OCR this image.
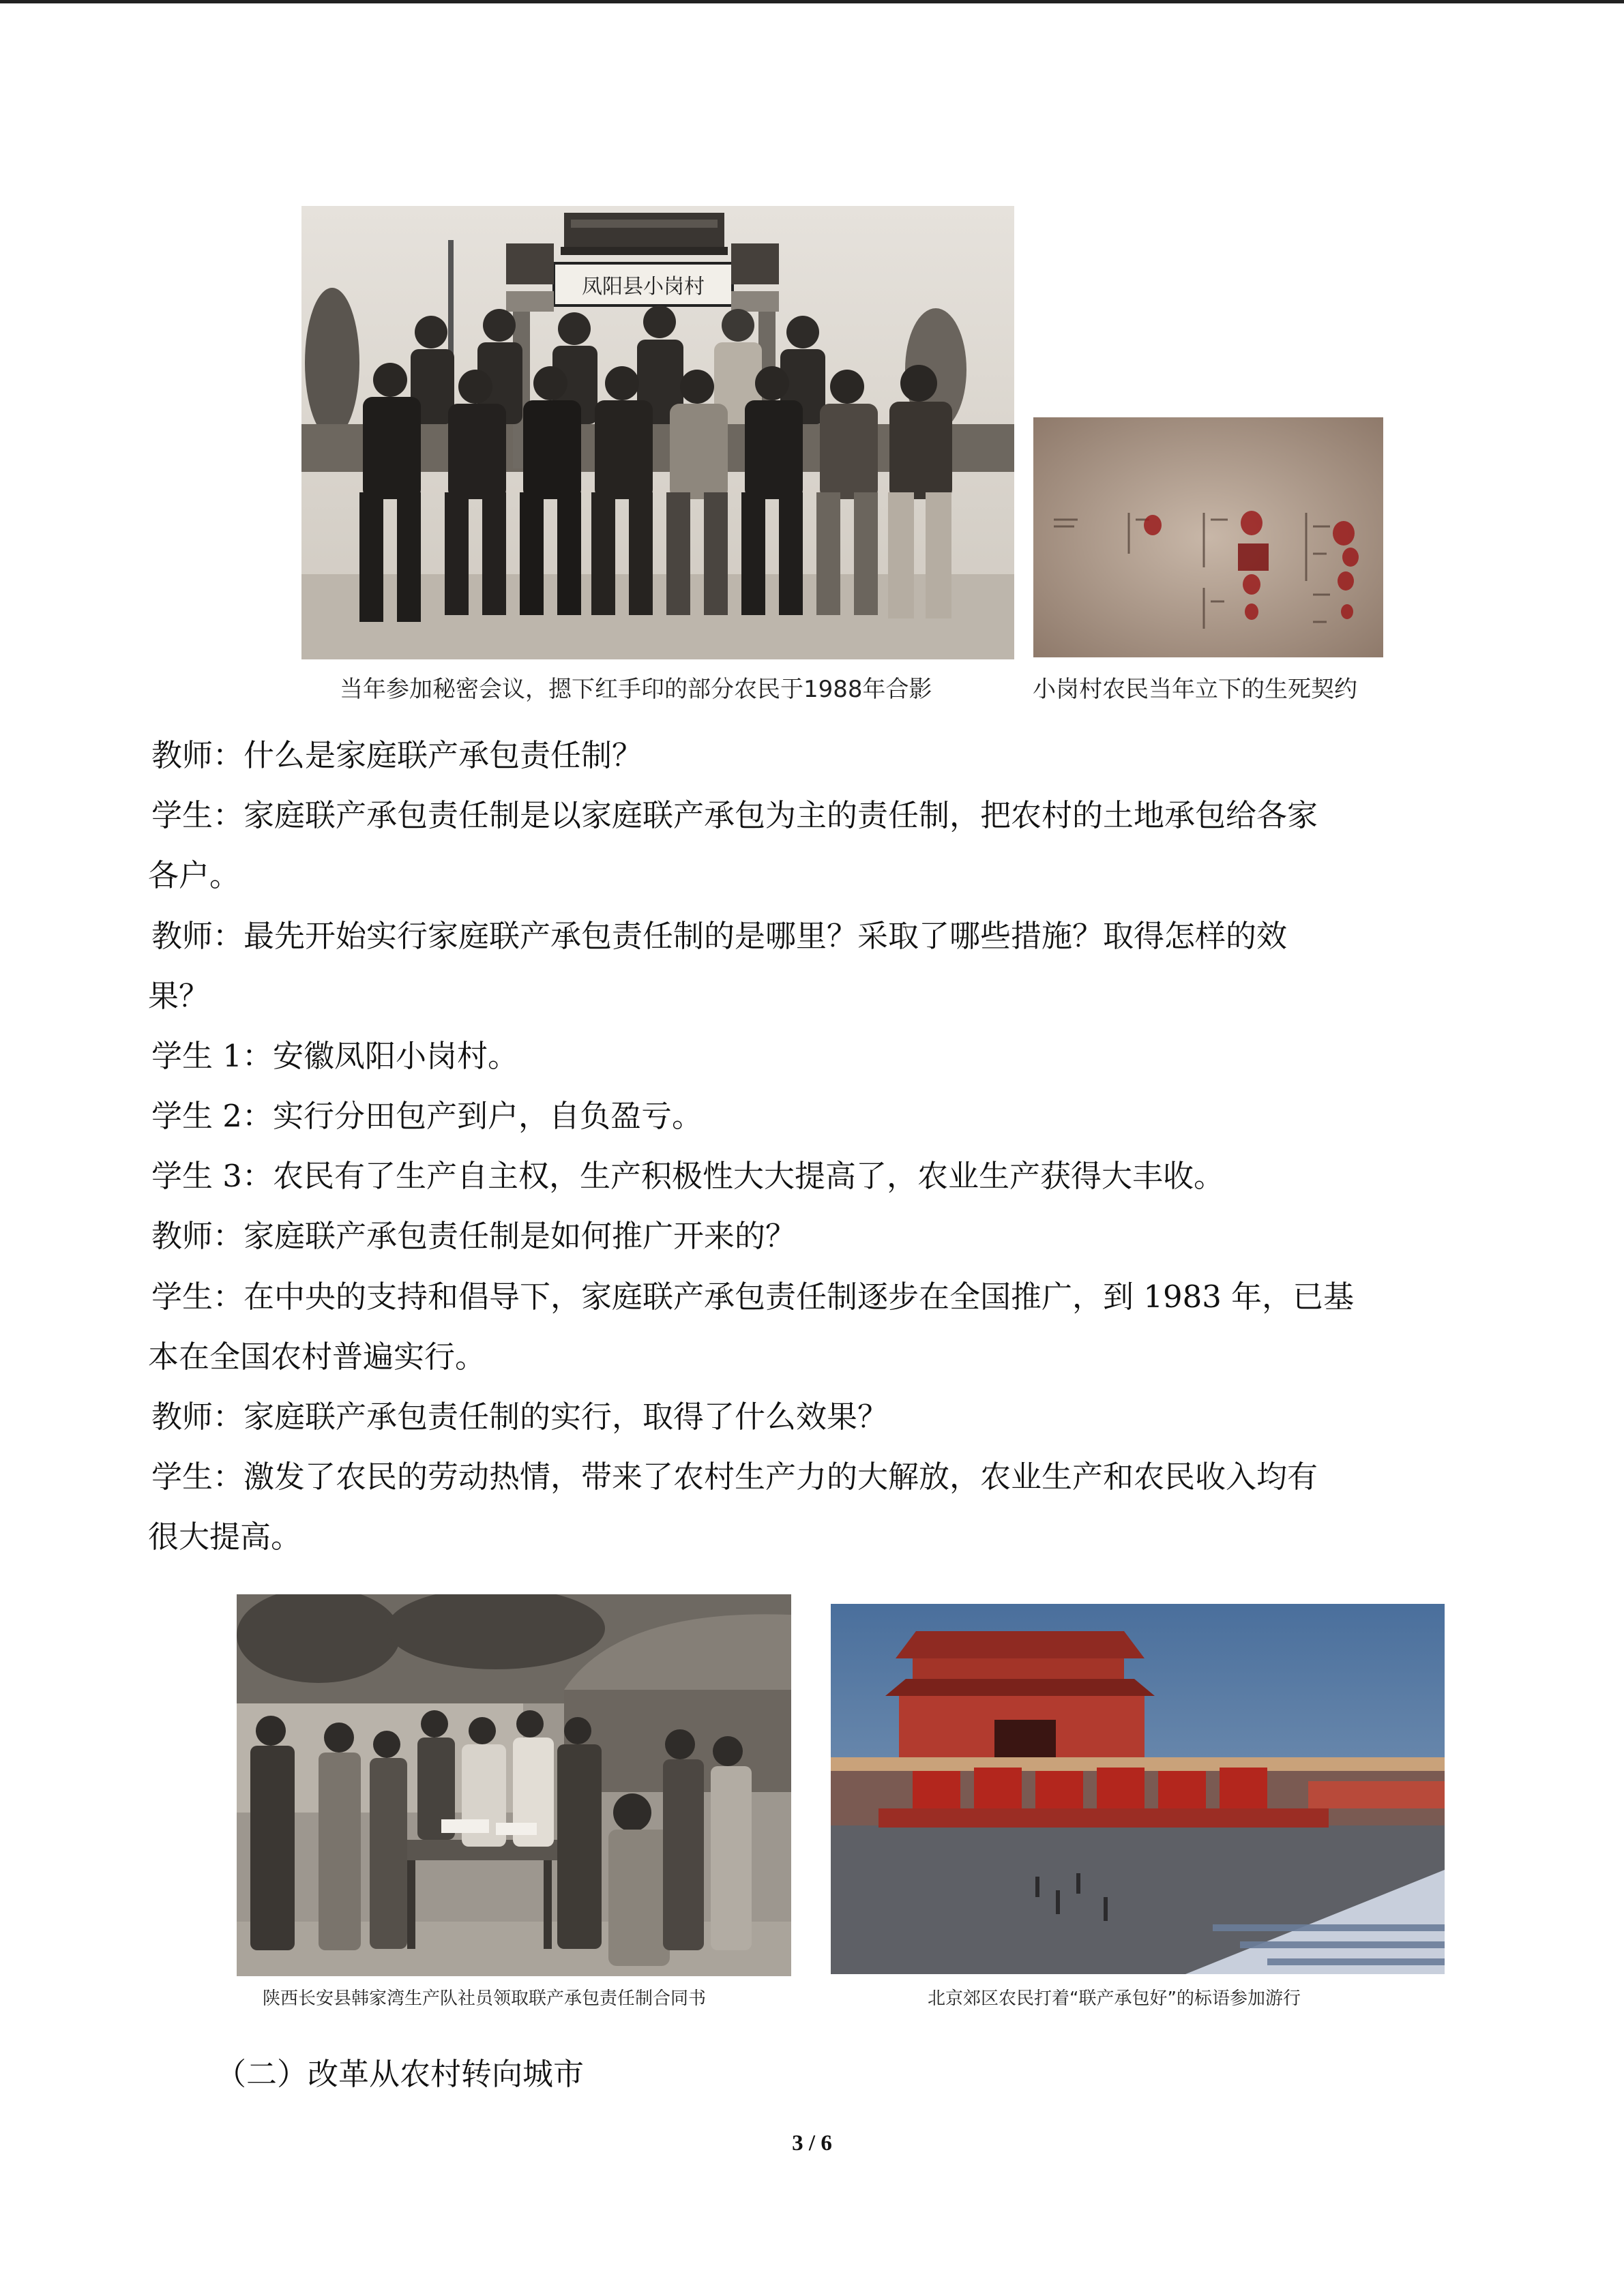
凤阳县小岗村
当年参加秘密会议，摁下红手印的部分农民于1988年合影	小岗村农民当年立下的生死契约
教师：什么是家庭联产承包责任制？
学生：家庭联产承包责任制是以家庭联产承包为主的责任制，把农村的土地承包给各家
各户。
教师：最先开始实行家庭联产承包责任制的是哪里？采取了哪些措施？取得怎样的效
果？
学生 1：安徽凤阳小岗村。
学生 2：实行分田包产到户，自负盈亏。
学生 3：农民有了生产自主权，生产积极性大大提高了，农业生产获得大丰收。
教师：家庭联产承包责任制是如何推广开来的？
学生：在中央的支持和倡导下，家庭联产承包责任制逐步在全国推广，到 1983 年，已基
本在全国农村普遍实行。
教师：家庭联产承包责任制的实行，取得了什么效果？
学生：激发了农民的劳动热情，带来了农村生产力的大解放，农业生产和农民收入均有
很大提高。
陕西长安县韩家湾生产队社员领取联产承包责任制合同书	北京郊区农民打着“联产承包好”的标语参加游行
（二）改革从农村转向城市
3 / 6
